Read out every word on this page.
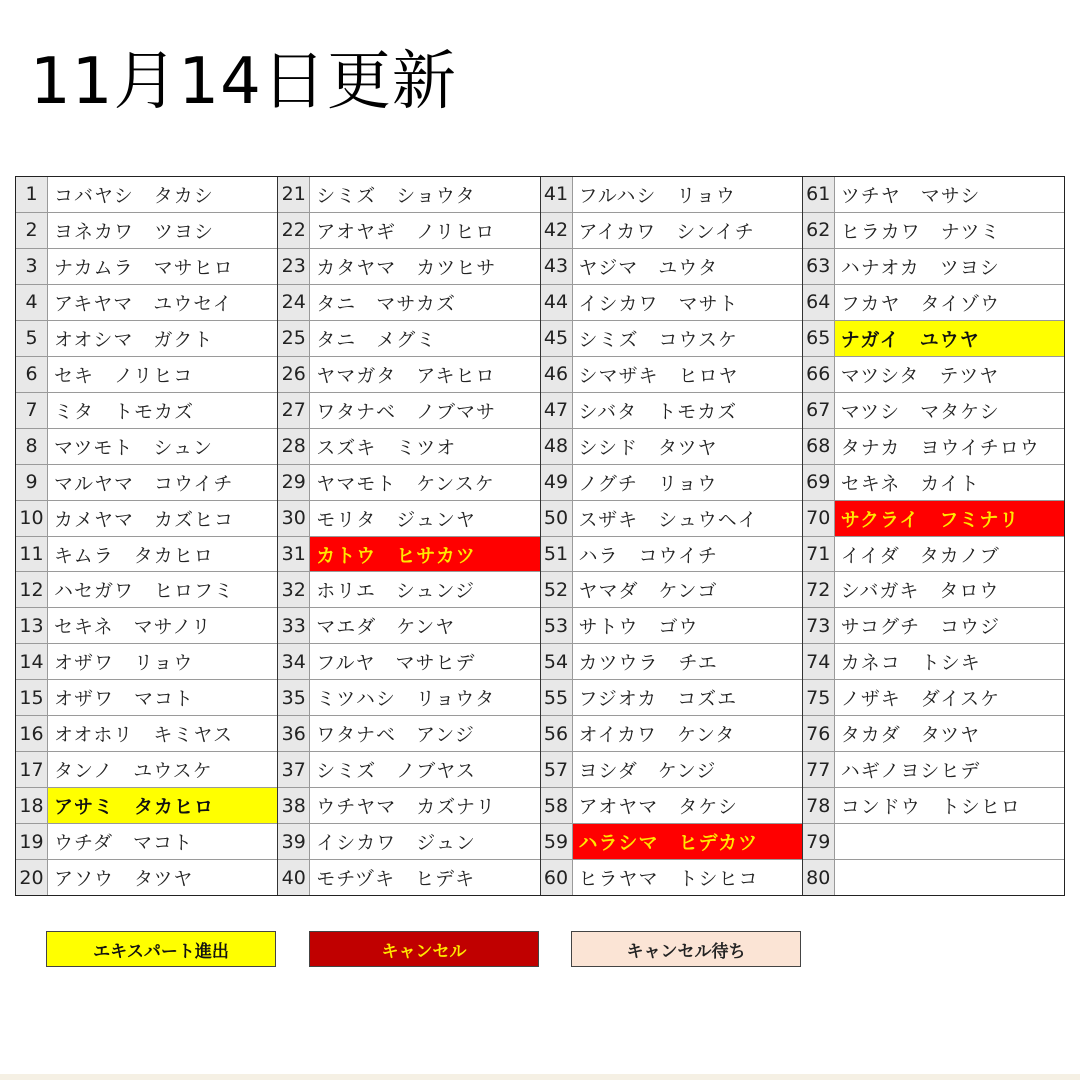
11月14日更新
1 コバヤシ　タカシ
2 ヨネカワ　ツヨシ
3 ナカムラ　マサヒロ
4 アキヤマ　ユウセイ
5 オオシマ　ガクト
6 セキ　ノリヒコ
7 ミタ　トモカズ
8 マツモト　シュン
9 マルヤマ　コウイチ
10 カメヤマ　カズヒコ
11 キムラ　タカヒロ
12 ハセガワ　ヒロフミ
13 セキネ　マサノリ
14 オザワ　リョウ
15 オザワ　マコト
16 オオホリ　キミヤス
17 タンノ　ユウスケ
18 アサミ　タカヒロ
19 ウチダ　マコト
20 アソウ　タツヤ
21 シミズ　ショウタ
22 アオヤギ　ノリヒロ
23 カタヤマ　カツヒサ
24 タニ　マサカズ
25 タニ　メグミ
26 ヤマガタ　アキヒロ
27 ワタナベ　ノブマサ
28 スズキ　ミツオ
29 ヤマモト　ケンスケ
30 モリタ　ジュンヤ
31 カトウ　ヒサカツ
32 ホリエ　シュンジ
33 マエダ　ケンヤ
34 フルヤ　マサヒデ
35 ミツハシ　リョウタ
36 ワタナベ　アンジ
37 シミズ　ノブヤス
38 ウチヤマ　カズナリ
39 イシカワ　ジュン
40 モチヅキ　ヒデキ
41 フルハシ　リョウ
42 アイカワ　シンイチ
43 ヤジマ　ユウタ
44 イシカワ　マサト
45 シミズ　コウスケ
46 シマザキ　ヒロヤ
47 シバタ　トモカズ
48 シシド　タツヤ
49 ノグチ　リョウ
50 スザキ　シュウヘイ
51 ハラ　コウイチ
52 ヤマダ　ケンゴ
53 サトウ　ゴウ
54 カツウラ　チエ
55 フジオカ　コズエ
56 オイカワ　ケンタ
57 ヨシダ　ケンジ
58 アオヤマ　タケシ
59 ハラシマ　ヒデカツ
60 ヒラヤマ　トシヒコ
61 ツチヤ　マサシ
62 ヒラカワ　ナツミ
63 ハナオカ　ツヨシ
64 フカヤ　タイゾウ
65 ナガイ　ユウヤ
66 マツシタ　テツヤ
67 マツシ　マタケシ
68 タナカ　ヨウイチロウ
69 セキネ　カイト
70 サクライ　フミナリ
71 イイダ　タカノブ
72 シバガキ　タロウ
73 サコグチ　コウジ
74 カネコ　トシキ
75 ノザキ　ダイスケ
76 タカダ　タツヤ
77 ハギノヨシヒデ
78 コンドウ　トシヒロ
79
80
エキスパート進出	キャンセル	キャンセル待ち
